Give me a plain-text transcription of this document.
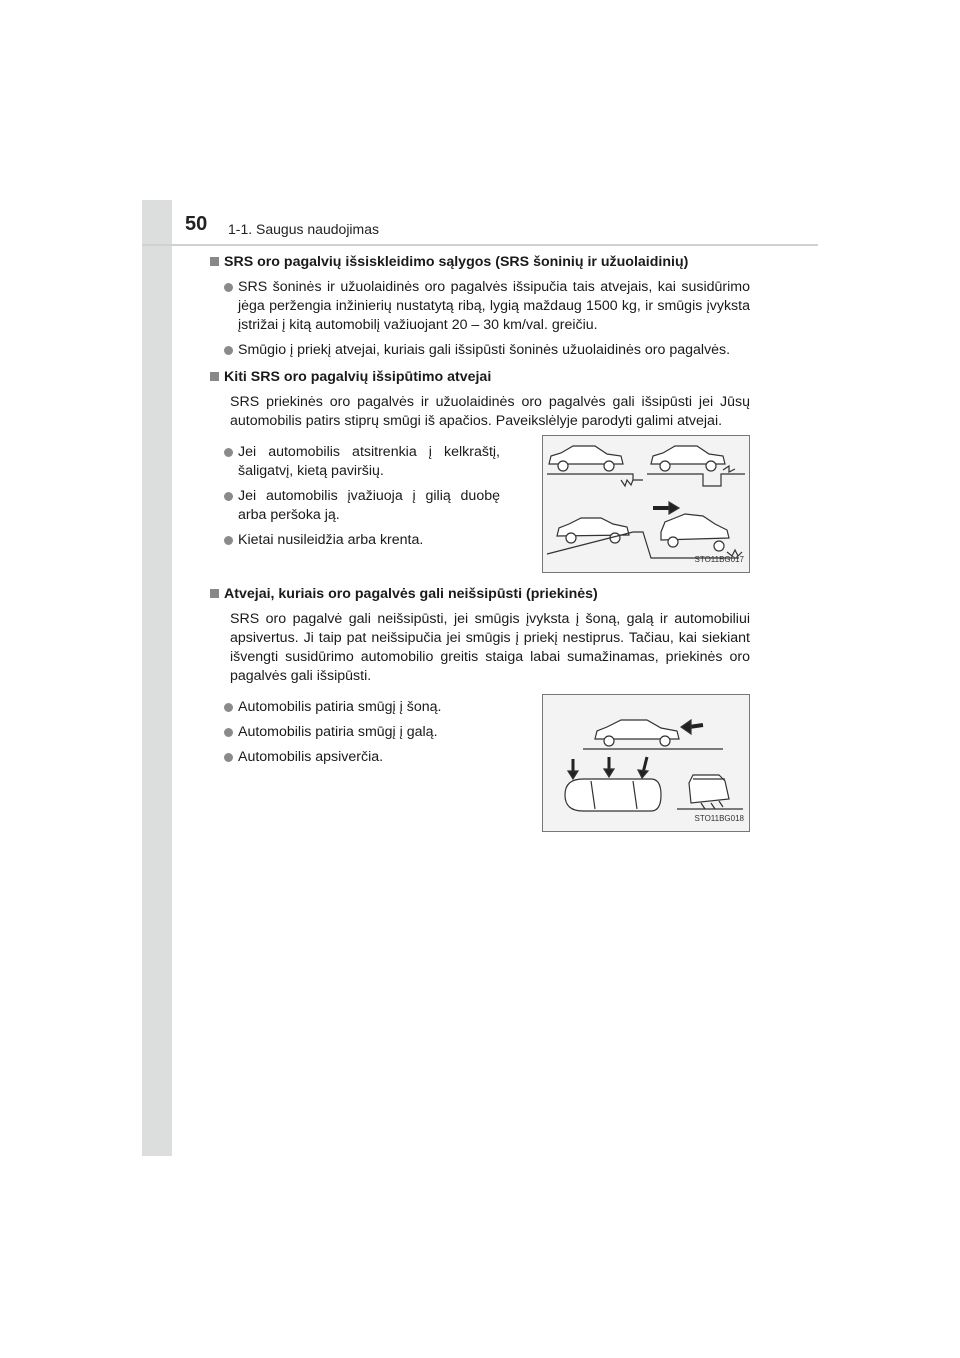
50 1-1. Saugus naudojimas
SRS oro pagalvių išsiskleidimo sąlygos (SRS šoninių ir užuolaidinių)
SRS šoninės ir užuolaidinės oro pagalvės išsipučia tais atvejais, kai susidūrimo jėga peržengia inžinierių nustatytą ribą, lygią maždaug 1500 kg, ir smūgis įvyksta įstrižai į kitą automobilį važiuojant 20 – 30 km/val. greičiu.
Smūgio į priekį atvejai, kuriais gali išsipūsti šoninės užuolaidinės oro pagalvės.
Kiti SRS oro pagalvių išsipūtimo atvejai
SRS priekinės oro pagalvės ir užuolaidinės oro pagalvės gali išsipūsti jei Jūsų automobilis patirs stiprų smūgi iš apačios. Paveikslėlyje parodyti galimi atvejai.
Jei automobilis atsitrenkia į kelkraštį, šaligatvį, kietą paviršių.
Jei automobilis įvažiuoja į gilią duobę arba peršoka ją.
Kietai nusileidžia arba krenta.
STO11BG017
Atvejai, kuriais oro pagalvės gali neišsipūsti (priekinės)
SRS oro pagalvė gali neišsipūsti, jei smūgis įvyksta į šoną, galą ir automobiliui apsivertus. Ji taip pat neišsipučia jei smūgis į priekį nestiprus. Tačiau, kai siekiant išvengti susidūrimo automobilio greitis staiga labai sumažinamas, priekinės oro pagalvės gali išsipūsti.
Automobilis patiria smūgį į šoną.
Automobilis patiria smūgį į galą.
Automobilis apsiverčia.
STO11BG018
